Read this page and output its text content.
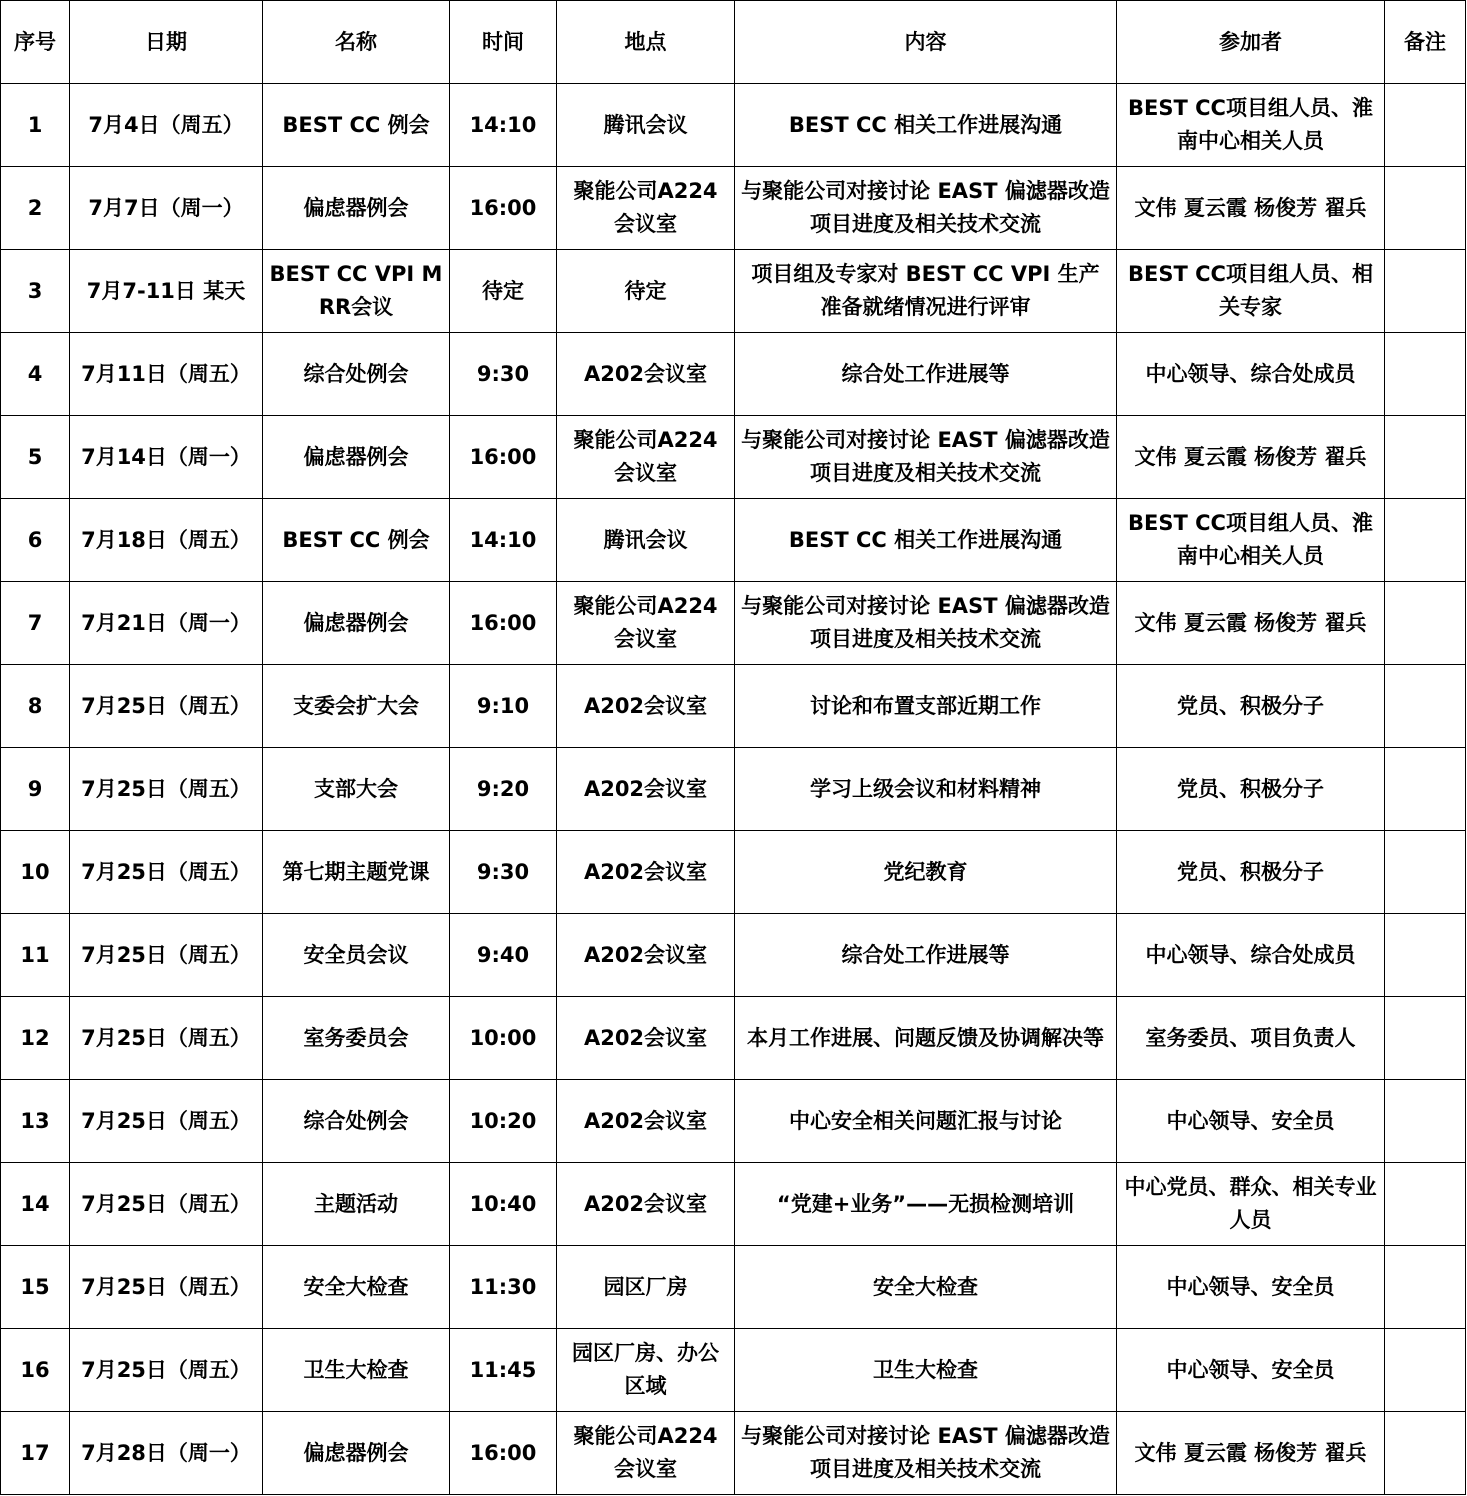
序号	日期	名称	时间	地点	内容	参加者	备注
1	7月4日（周五）	BEST CC 例会	14:10	腾讯会议	BEST CC 相关工作进展沟通	BEST CC项目组人员、淮南中心相关人员	
2	7月7日（周一）	偏虑器例会	16:00	聚能公司A224会议室	与聚能公司对接讨论 EAST 偏滤器改造项目进度及相关技术交流	文伟 夏云霞 杨俊芳 翟兵	
3	7月7-11日 某天	BEST CC VPI MRR会议	待定	待定	项目组及专家对 BEST CC VPI 生产准备就绪情况进行评审	BEST CC项目组人员、相关专家	
4	7月11日（周五）	综合处例会	9:30	A202会议室	综合处工作进展等	中心领导、综合处成员	
5	7月14日（周一）	偏虑器例会	16:00	聚能公司A224会议室	与聚能公司对接讨论 EAST 偏滤器改造项目进度及相关技术交流	文伟 夏云霞 杨俊芳 翟兵	
6	7月18日（周五）	BEST CC 例会	14:10	腾讯会议	BEST CC 相关工作进展沟通	BEST CC项目组人员、淮南中心相关人员	
7	7月21日（周一）	偏虑器例会	16:00	聚能公司A224会议室	与聚能公司对接讨论 EAST 偏滤器改造项目进度及相关技术交流	文伟 夏云霞 杨俊芳 翟兵	
8	7月25日（周五）	支委会扩大会	9:10	A202会议室	讨论和布置支部近期工作	党员、积极分子	
9	7月25日（周五）	支部大会	9:20	A202会议室	学习上级会议和材料精神	党员、积极分子	
10	7月25日（周五）	第七期主题党课	9:30	A202会议室	党纪教育	党员、积极分子	
11	7月25日（周五）	安全员会议	9:40	A202会议室	综合处工作进展等	中心领导、综合处成员	
12	7月25日（周五）	室务委员会	10:00	A202会议室	本月工作进展、问题反馈及协调解决等	室务委员、项目负责人	
13	7月25日（周五）	综合处例会	10:20	A202会议室	中心安全相关问题汇报与讨论	中心领导、安全员	
14	7月25日（周五）	主题活动	10:40	A202会议室	“党建+业务”——无损检测培训	中心党员、群众、相关专业人员	
15	7月25日（周五）	安全大检查	11:30	园区厂房	安全大检查	中心领导、安全员	
16	7月25日（周五）	卫生大检查	11:45	园区厂房、办公区域	卫生大检查	中心领导、安全员	
17	7月28日（周一）	偏虑器例会	16:00	聚能公司A224会议室	与聚能公司对接讨论 EAST 偏滤器改造项目进度及相关技术交流	文伟 夏云霞 杨俊芳 翟兵	
